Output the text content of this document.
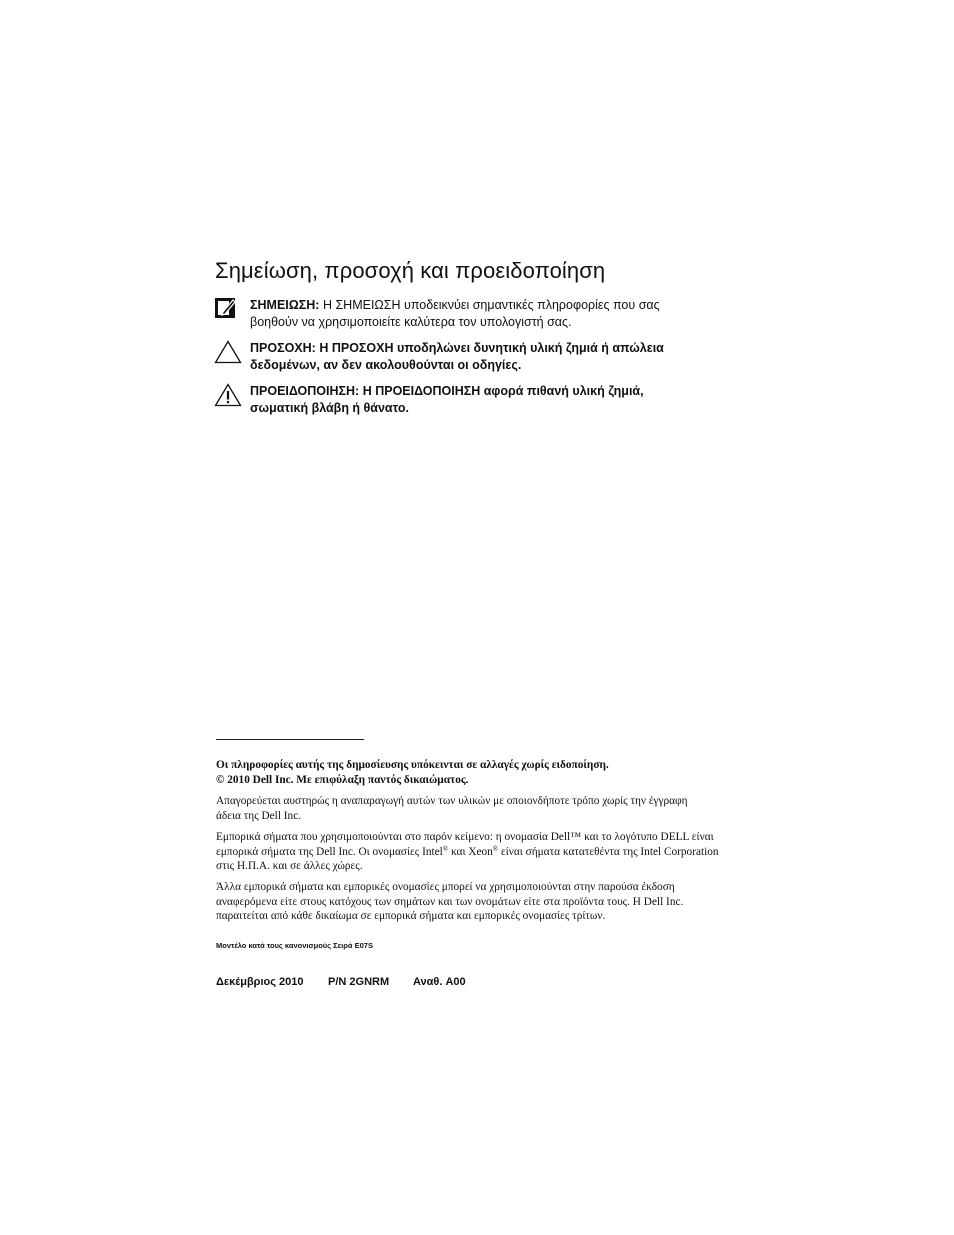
Σημείωση, προσοχή και προειδοποίηση
ΣΗΜΕΙΩΣΗ: Η ΣΗΜΕΙΩΣΗ υποδεικνύει σημαντικές πληροφορίες που σας βοηθούν να χρησιμοποιείτε καλύτερα τον υπολογιστή σας.
ΠΡΟΣΟΧΗ: Η ΠΡΟΣΟΧΗ υποδηλώνει δυνητική υλική ζημιά ή απώλεια δεδομένων, αν δεν ακολουθούνται οι οδηγίες.
ΠΡΟΕΙΔΟΠΟΙΗΣΗ: Η ΠΡΟΕΙΔΟΠΟΙΗΣΗ αφορά πιθανή υλική ζημιά, σωματική βλάβη ή θάνατο.
Οι πληροφορίες αυτής της δημοσίευσης υπόκεινται σε αλλαγές χωρίς ειδοποίηση.
© 2010 Dell Inc. Με επιφύλαξη παντός δικαιώματος.
Απαγορεύεται αυστηρώς η αναπαραγωγή αυτών των υλικών με οποιονδήποτε τρόπο χωρίς την έγγραφη άδεια της Dell Inc.
Εμπορικά σήματα που χρησιμοποιούνται στο παρόν κείμενο: η ονομασία Dell™ και το λογότυπο DELL είναι εμπορικά σήματα της Dell Inc. Οι ονομασίες Intel® και Xeon® είναι σήματα κατατεθέντα της Intel Corporation στις Η.Π.Α. και σε άλλες χώρες.
Άλλα εμπορικά σήματα και εμπορικές ονομασίες μπορεί να χρησιμοποιούνται στην παρούσα έκδοση αναφερόμενα είτε στους κατόχους των σημάτων και των ονομάτων είτε στα προϊόντα τους. Η Dell Inc. παραιτείται από κάθε δικαίωμα σε εμπορικά σήματα και εμπορικές ονομασίες τρίτων.
Μοντέλο κατά τους κανονισμούς Σειρά E07S
Δεκέμβριος 2010 P/N 2GNRM Αναθ. A00
